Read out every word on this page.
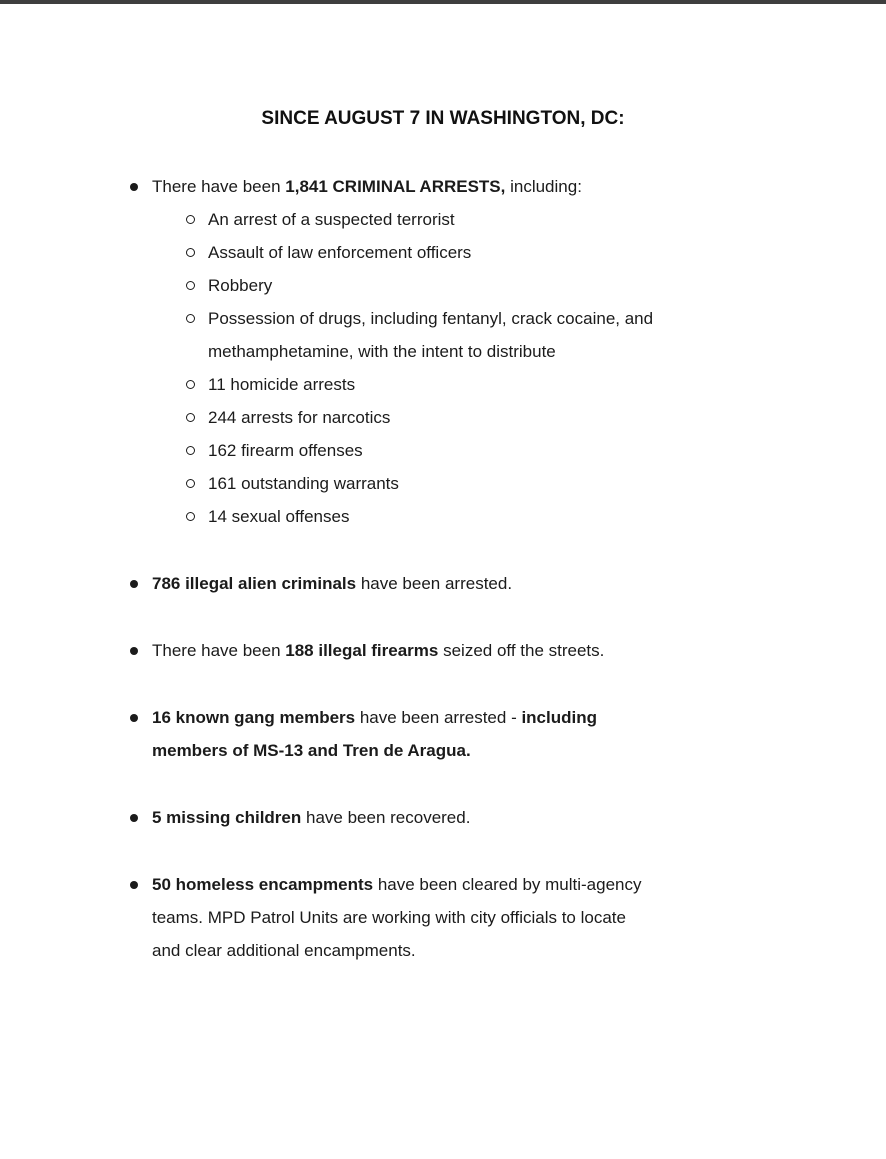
SINCE AUGUST 7 IN WASHINGTON, DC:
There have been 1,841 CRIMINAL ARRESTS, including:
An arrest of a suspected terrorist
Assault of law enforcement officers
Robbery
Possession of drugs, including fentanyl, crack cocaine, and
methamphetamine, with the intent to distribute
11 homicide arrests
244 arrests for narcotics
162 firearm offenses
161 outstanding warrants
14 sexual offenses
786 illegal alien criminals have been arrested.
There have been 188 illegal firearms seized off the streets.
16 known gang members have been arrested - including
members of MS-13 and Tren de Aragua.
5 missing children have been recovered.
50 homeless encampments have been cleared by multi-agency
teams. MPD Patrol Units are working with city officials to locate
and clear additional encampments.
